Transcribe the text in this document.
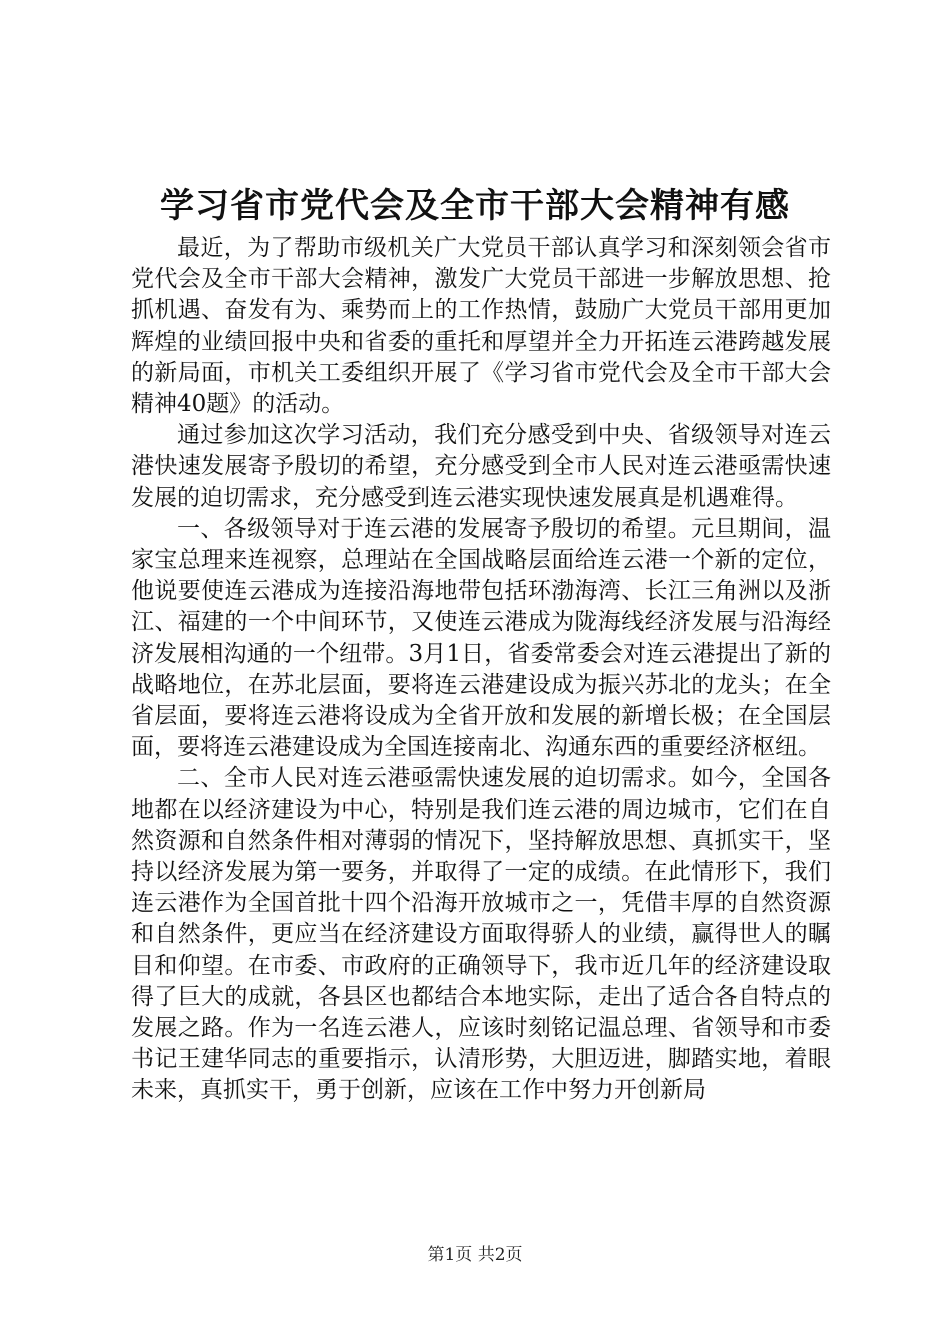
学习省市党代会及全市干部大会精神有感

最近，为了帮助市级机关广大党员干部认真学习和深刻领会省市党代会及全市干部大会精神，激发广大党员干部进一步解放思想、抢抓机遇、奋发有为、乘势而上的工作热情，鼓励广大党员干部用更加辉煌的业绩回报中央和省委的重托和厚望并全力开拓连云港跨越发展的新局面，市机关工委组织开展了《学习省市党代会及全市干部大会精神40题》的活动。

通过参加这次学习活动，我们充分感受到中央、省级领导对连云港快速发展寄予殷切的希望，充分感受到全市人民对连云港亟需快速发展的迫切需求，充分感受到连云港实现快速发展真是机遇难得。

一、各级领导对于连云港的发展寄予殷切的希望。元旦期间，温家宝总理来连视察，总理站在全国战略层面给连云港一个新的定位，他说要使连云港成为连接沿海地带包括环渤海湾、长江三角洲以及浙江、福建的一个中间环节，又使连云港成为陇海线经济发展与沿海经济发展相沟通的一个纽带。3月1日，省委常委会对连云港提出了新的战略地位，在苏北层面，要将连云港建设成为振兴苏北的龙头；在全省层面，要将连云港将设成为全省开放和发展的新增长极；在全国层面，要将连云港建设成为全国连接南北、沟通东西的重要经济枢纽。

二、全市人民对连云港亟需快速发展的迫切需求。如今，全国各地都在以经济建设为中心，特别是我们连云港的周边城市，它们在自然资源和自然条件相对薄弱的情况下，坚持解放思想、真抓实干，坚持以经济发展为第一要务，并取得了一定的成绩。在此情形下，我们连云港作为全国首批十四个沿海开放城市之一，凭借丰厚的自然资源和自然条件，更应当在经济建设方面取得骄人的业绩，赢得世人的瞩目和仰望。在市委、市政府的正确领导下，我市近几年的经济建设取得了巨大的成就，各县区也都结合本地实际，走出了适合各自特点的发展之路。作为一名连云港人，应该时刻铭记温总理、省领导和市委书记王建华同志的重要指示，认清形势，大胆迈进，脚踏实地，着眼未来，真抓实干，勇于创新，应该在工作中努力开创新局

第1页 共2页
